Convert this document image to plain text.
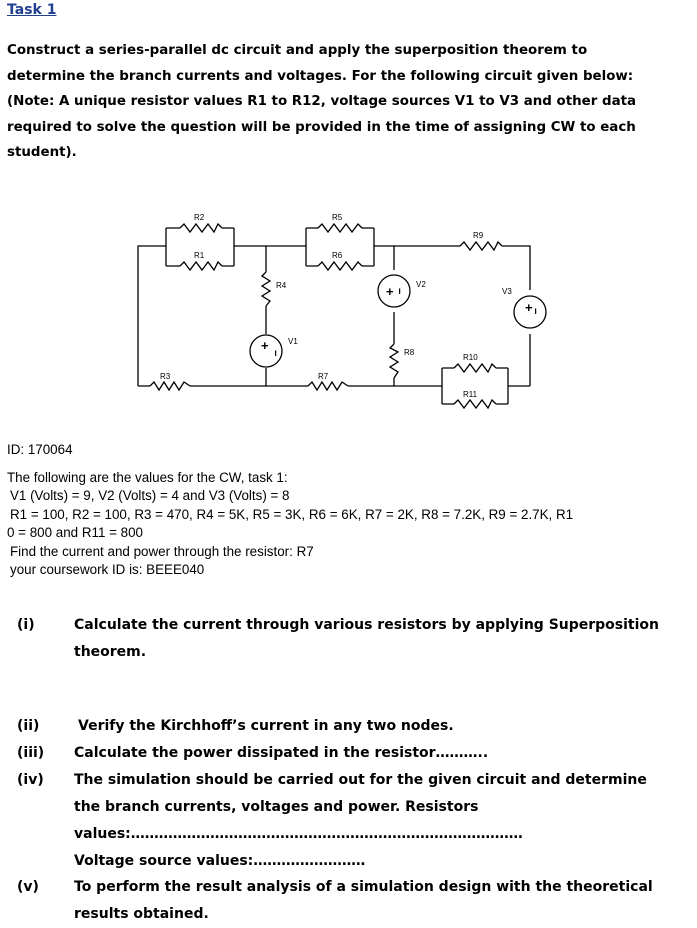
Task 1
Construct a series-parallel dc circuit and apply the superposition theorem to
determine the branch currents and voltages. For the following circuit given below:
(Note: A unique resistor values R1 to R12, voltage sources V1 to V3 and other data
required to solve the question will be provided in the time of assigning CW to each
student).
+
−
+ −
+
−
R2
R1
R5
R6
R9
R4
V1
V2
V3
R8
R3	R7
R10
R11
ID: 170064
The following are the values for the CW, task 1:
V1 (Volts) = 9, V2 (Volts) = 4 and V3 (Volts) = 8
R1 = 100, R2 = 100, R3 = 470, R4 = 5K, R5 = 3K, R6 = 6K, R7 = 2K, R8 = 7.2K, R9 = 2.7K, R1
0 = 800 and R11 = 800
Find the current and power through the resistor: R7
your coursework ID is: BEEE040
(i)	Calculate the current through various resistors by applying Superposition
theorem.
(ii)	Verify the Kirchhoff’s current in any two nodes.
(iii) Calculate the power dissipated in the resistor………..
(iv) The simulation should be carried out for the given circuit and determine
the branch currents, voltages and power. Resistors
values:…………………………………………………………………………
Voltage source values:……………………
(v)	To perform the result analysis of a simulation design with the theoretical
results obtained.
